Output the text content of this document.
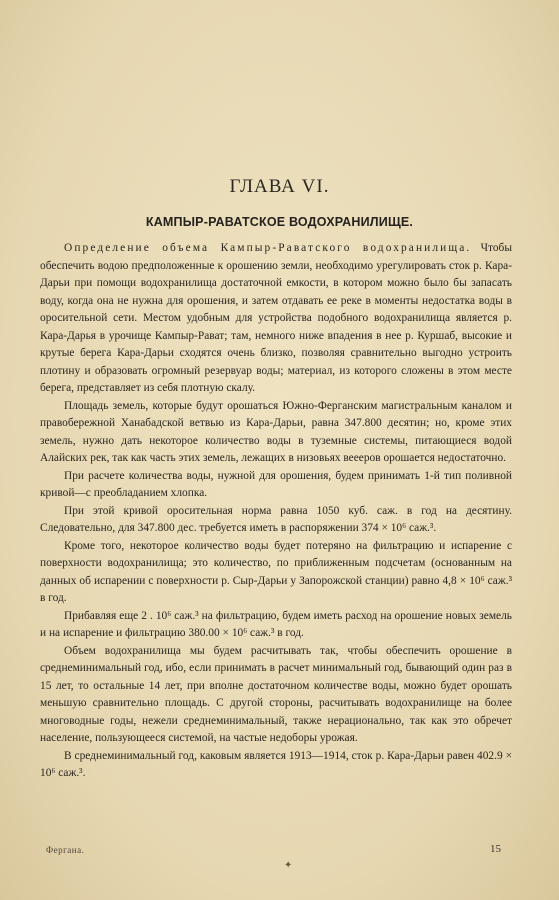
ГЛАВА VI.
КАМПЫР-РАВАТСКОЕ ВОДОХРАНИЛИЩЕ.

Определение объема Кампыр-Раватского водохранилища. Чтобы обеспечить водою предположенные к орошению земли, необходимо урегулировать сток р. Кара-Дарьи при помощи водохранилища достаточной емкости, в котором можно было бы запасать воду, когда она не нужна для орошения, и затем отдавать ее реке в моменты недостатка воды в оросительной сети. Местом удобным для устройства подобного водохранилища является р. Кара-Дарья в урочище Кампыр-Рават; там, немного ниже впадения в нее р. Куршаб, высокие и крутые берега Кара-Дарьи сходятся очень близко, позволяя сравнительно выгодно устроить плотину и образовать огромный резервуар воды; материал, из которого сложены в этом месте берега, представляет из себя плотную скалу.

Площадь земель, которые будут орошаться Южно-Ферганским магистральным каналом и правобережной Ханабадской ветвью из Кара-Дарьи, равна 347.800 десятин; но, кроме этих земель, нужно дать некоторое количество воды в туземные системы, питающиеся водой Алайских рек, так как часть этих земель, лежащих в низовьях веееров орошается недостаточно.

При расчете количества воды, нужной для орошения, будем принимать 1-й тип поливной кривой—с преобладанием хлопка.

При этой кривой оросительная норма равна 1050 куб. саж. в год на десятину. Следовательно, для 347.800 дес. требуется иметь в распоряжении 374 × 10⁶ саж.³.

Кроме того, некоторое количество воды будет потеряно на фильтрацию и испарение с поверхности водохранилища; это количество, по приближенным подсчетам (основанным на данных об испарении с поверхности р. Сыр-Дарьи у Запорожской станции) равно 4,8 × 10⁶ саж.³ в год.

Прибавляя еще 2 . 10⁶ саж.³ на фильтрацию, будем иметь расход на орошение новых земель и на испарение и фильтрацию 380.00 × 10⁶ саж.³ в год.

Объем водохранилища мы будем расчитывать так, чтобы обеспечить орошение в среднеминимальный год, ибо, если принимать в расчет минимальный год, бывающий один раз в 15 лет, то остальные 14 лет, при вполне достаточном количестве воды, можно будет орошать меньшую сравнительно площадь. С другой стороны, расчитывать водохранилище на более многоводные годы, нежели среднеминимальный, также нерационально, так как это обречет население, пользующееся системой, на частые недоборы урожая.

В среднеминимальный год, каковым является 1913—1914, сток р. Кара-Дарьи равен 402.9 × 10⁶ саж.³.

Фергана.	15
✦
